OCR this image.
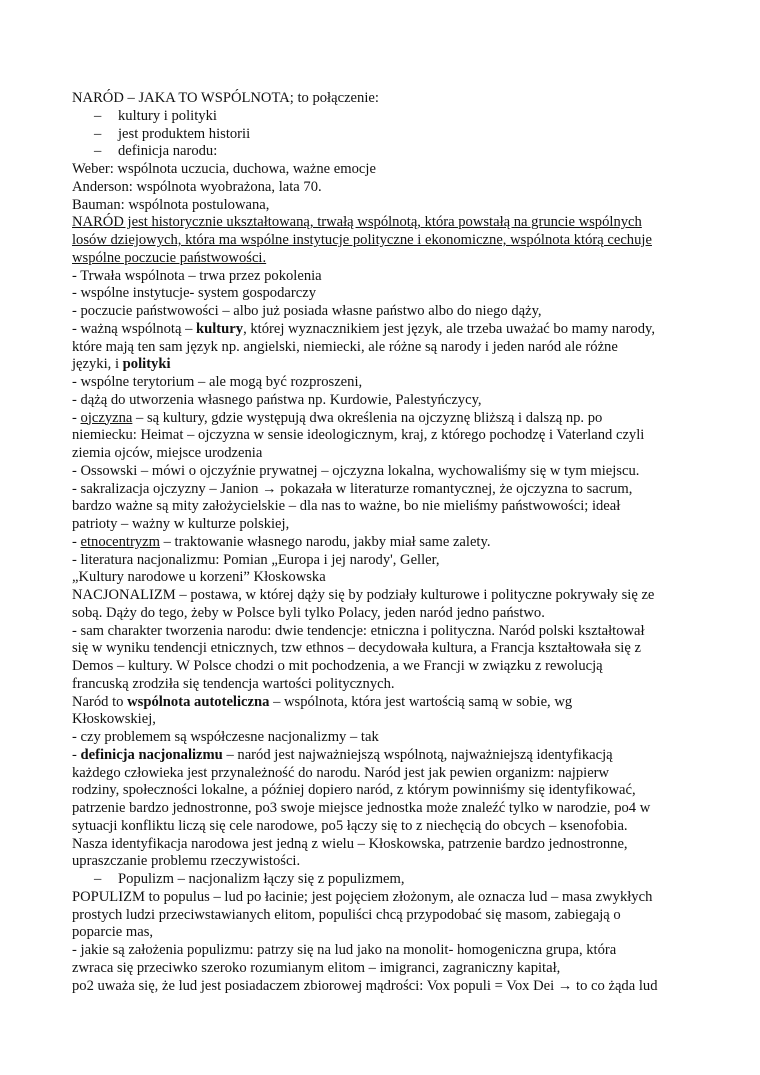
NARÓD – JAKA TO WSPÓLNOTA; to połączenie:
– kultury i polityki
– jest produktem historii
– definicja narodu:
Weber: wspólnota uczucia, duchowa, ważne emocje
Anderson: wspólnota wyobrażona, lata 70.
Bauman: wspólnota postulowana,
NARÓD jest historycznie ukształtowaną, trwałą wspólnotą, która powstałą na gruncie wspólnych
losów dziejowych, która ma wspólne instytucje polityczne i ekonomiczne, wspólnota którą cechuje
wspólne poczucie państwowości.
- Trwała wspólnota – trwa przez pokolenia
- wspólne instytucje- system gospodarczy
- poczucie państwowości – albo już posiada własne państwo albo do niego dąży,
- ważną wspólnotą – kultury, której wyznacznikiem jest język, ale trzeba uważać bo mamy narody,
które mają ten sam język np. angielski, niemiecki, ale różne są narody i jeden naród ale różne
języki, i polityki
- wspólne terytorium – ale mogą być rozproszeni,
- dążą do utworzenia własnego państwa np. Kurdowie, Palestyńczycy,
- ojczyzna – są kultury, gdzie występują dwa określenia na ojczyznę bliższą i dalszą np. po
niemiecku: Heimat – ojczyzna w sensie ideologicznym, kraj, z którego pochodzę i Vaterland czyli
ziemia ojców, miejsce urodzenia
- Ossowski – mówi o ojczyźnie prywatnej – ojczyzna lokalna, wychowaliśmy się w tym miejscu.
- sakralizacja ojczyzny – Janion → pokazała w literaturze romantycznej, że ojczyzna to sacrum,
bardzo ważne są mity założycielskie – dla nas to ważne, bo nie mieliśmy państwowości; ideał
patrioty – ważny w kulturze polskiej,
- etnocentryzm – traktowanie własnego narodu, jakby miał same zalety.
- literatura nacjonalizmu: Pomian „Europa i jej narody', Geller,
„Kultury narodowe u korzeni” Kłoskowska
NACJONALIZM – postawa, w której dąży się by podziały kulturowe i polityczne pokrywały się ze
sobą. Dąży do tego, żeby w Polsce byli tylko Polacy, jeden naród jedno państwo.
- sam charakter tworzenia narodu: dwie tendencje: etniczna i polityczna. Naród polski kształtował
się w wyniku tendencji etnicznych, tzw ethnos – decydowała kultura, a Francja kształtowała się z
Demos – kultury. W Polsce chodzi o mit pochodzenia, a we Francji w związku z rewolucją
francuską zrodziła się tendencja wartości politycznych.
Naród to wspólnota autoteliczna – wspólnota, która jest wartością samą w sobie, wg
Kłoskowskiej,
- czy problemem są współczesne nacjonalizmy – tak
- definicja nacjonalizmu – naród jest najważniejszą wspólnotą, najważniejszą identyfikacją
każdego człowieka jest przynależność do narodu. Naród jest jak pewien organizm: najpierw
rodziny, społeczności lokalne, a później dopiero naród, z którym powinniśmy się identyfikować,
patrzenie bardzo jednostronne, po3 swoje miejsce jednostka może znaleźć tylko w narodzie, po4 w
sytuacji konfliktu liczą się cele narodowe, po5 łączy się to z niechęcią do obcych – ksenofobia.
Nasza identyfikacja narodowa jest jedną z wielu – Kłoskowska, patrzenie bardzo jednostronne,
upraszczanie problemu rzeczywistości.
– Populizm – nacjonalizm łączy się z populizmem,
POPULIZM to populus – lud po łacinie; jest pojęciem złożonym, ale oznacza lud – masa zwykłych
prostych ludzi przeciwstawianych elitom, populiści chcą przypodobać się masom, zabiegają o
poparcie mas,
- jakie są założenia populizmu: patrzy się na lud jako na monolit- homogeniczna grupa, która
zwraca się przeciwko szeroko rozumianym elitom – imigranci, zagraniczny kapitał,
po2 uważa się, że lud jest posiadaczem zbiorowej mądrości: Vox populi = Vox Dei → to co żąda lud
